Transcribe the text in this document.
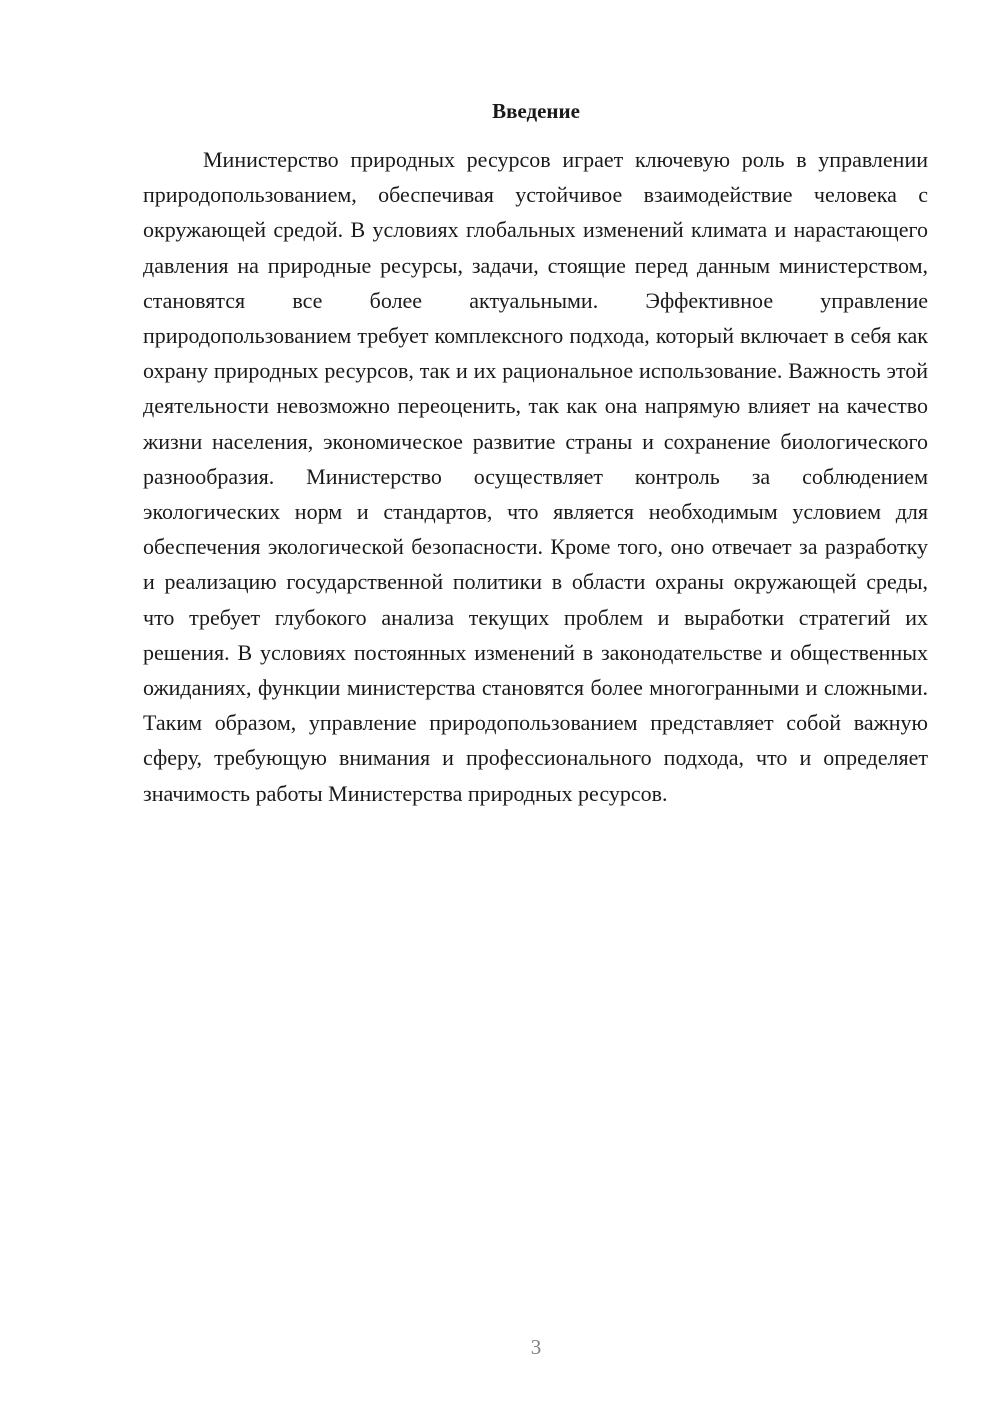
Введение

Министерство природных ресурсов играет ключевую роль в управлении природопользованием, обеспечивая устойчивое взаимодействие человека с окружающей средой. В условиях глобальных изменений климата и нарастающего давления на природные ресурсы, задачи, стоящие перед данным министерством, становятся все более актуальными. Эффективное управление природопользованием требует комплексного подхода, который включает в себя как охрану природных ресурсов, так и их рациональное использование. Важность этой деятельности невозможно переоценить, так как она напрямую влияет на качество жизни населения, экономическое развитие страны и сохранение биологического разнообразия. Министерство осуществляет контроль за соблюдением экологических норм и стандартов, что является необходимым условием для обеспечения экологической безопасности. Кроме того, оно отвечает за разработку и реализацию государственной политики в области охраны окружающей среды, что требует глубокого анализа текущих проблем и выработки стратегий их решения. В условиях постоянных изменений в законодательстве и общественных ожиданиях, функции министерства становятся более многогранными и сложными. Таким образом, управление природопользованием представляет собой важную сферу, требующую внимания и профессионального подхода, что и определяет значимость работы Министерства природных ресурсов.

3
